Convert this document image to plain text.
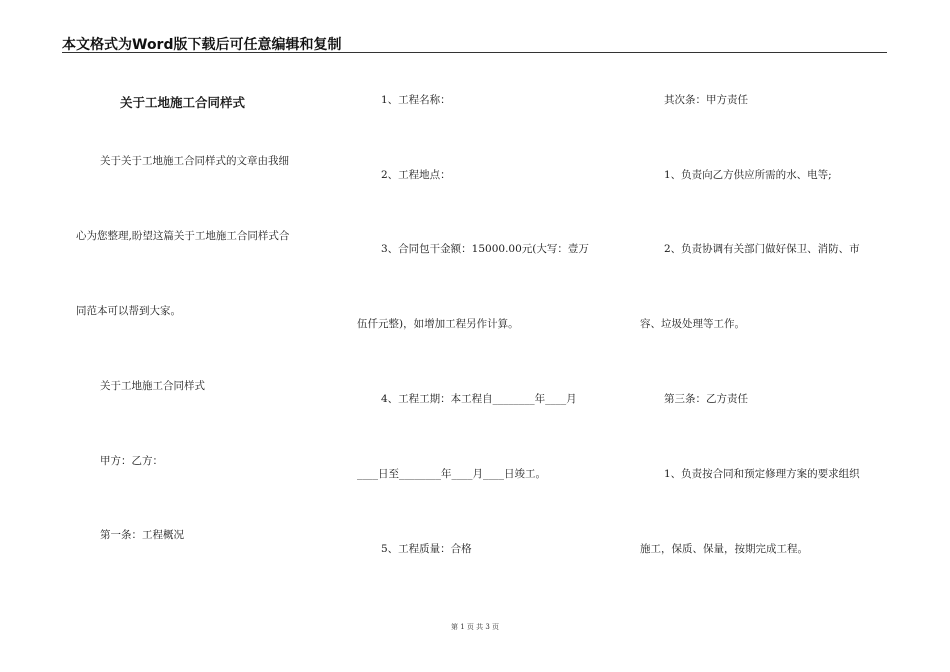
本文格式为Word版下载后可任意编辑和复制
关于工地施工合同样式
关于关于工地施工合同样式的文章由我细
心为您整理,盼望这篇关于工地施工合同样式合
同范本可以帮到大家。
关于工地施工合同样式
甲方：乙方：
第一条：工程概况
1、工程名称：
2、工程地点：
3、合同包干金额：15000.00元(大写：壹万
伍仟元整)，如增加工程另作计算。
4、工程工期：本工程自________年____月
____日至________年____月____日竣工。
5、工程质量：合格
其次条：甲方责任
1、负责向乙方供应所需的水、电等;
2、负责协调有关部门做好保卫、消防、市
容、垃圾处理等工作。
第三条：乙方责任
1、负责按合同和预定修理方案的要求组织
施工，保质、保量，按期完成工程。
第 1 页 共 3 页
